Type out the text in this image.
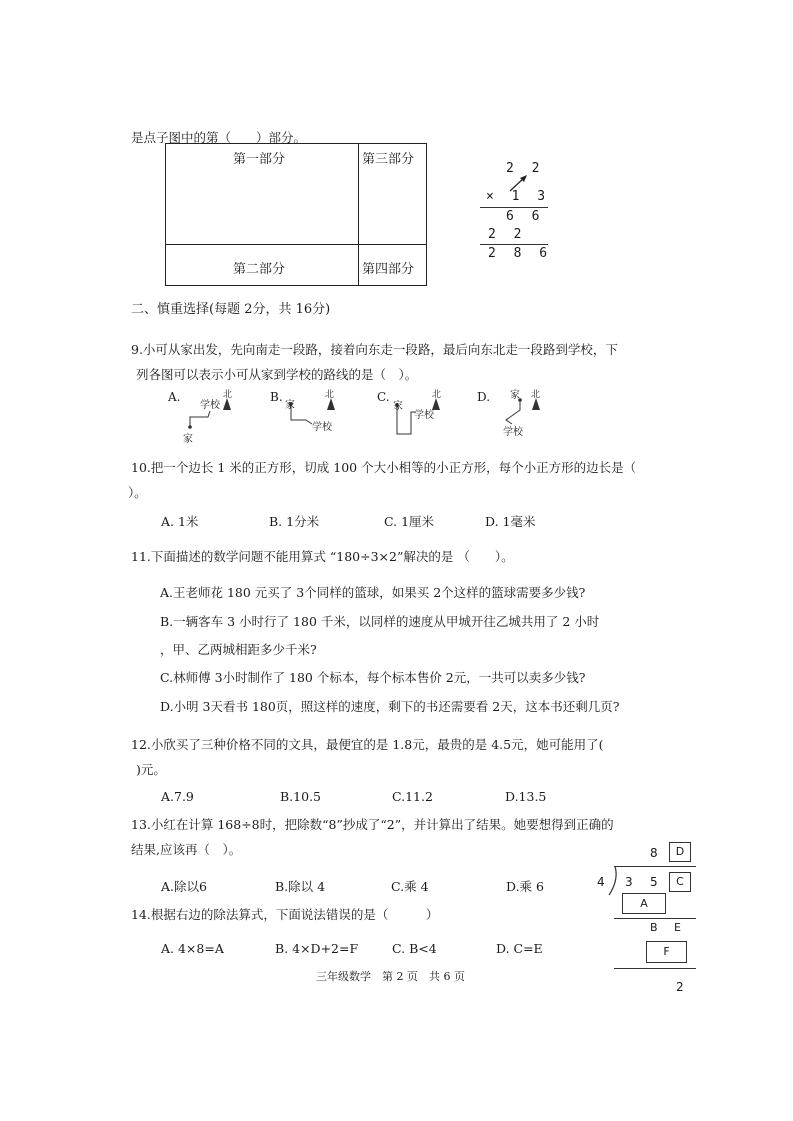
是点子图中的第（　　）部分。
第一部分	第三部分
第二部分	第四部分
2 2
× 1 3
6 6
2 2
2 8 6
二、慎重选择(每题 2分，共 16分)
9.小可从家出发，先向南走一段路，接着向东走一段路，最后向东北走一段路到学校，下
列各图可以表示小可从家到学校的路线的是（　）。
A.
学校
北
家
B.
家
北
学校
C.
家
北
学校
D. 家 北
学校
10.把一个边长 1 米的正方形，切成 100 个大小相等的小正方形，每个小正方形的边长是（
）。
A. 1米	B. 1分米	C. 1厘米	D. 1毫米
11.下面描述的数学问题不能用算式 “180÷3×2”解决的是 （　　）。
A.王老师花 180 元买了 3个同样的篮球，如果买 2个这样的篮球需要多少钱?
B.一辆客车 3 小时行了 180 千米，以同样的速度从甲城开往乙城共用了 2 小时
，甲、乙两城相距多少千米?
C.林师傅 3小时制作了 180 个标本，每个标本售价 2元，一共可以卖多少钱?
D.小明 3天看书 180页，照这样的速度，剩下的书还需要看 2天，这本书还剩几页?
12.小欣买了三种价格不同的文具，最便宜的是 1.8元，最贵的是 4.5元，她可能用了(
)元。
A.7.9	B.10.5	C.11.2	D.13.5
13.小红在计算 168÷8时，把除数“8”抄成了“2”，并计算出了结果。她要想得到正确的
结果,应该再（　）。
A.除以6	B.除以 4	C.乘 4	D.乘 6
14.根据右边的除法算式，下面说法错误的是（　　　）
A. 4×8=A	B. 4×D+2=F	C. B<4	D. C=E
8	D
4 3 5	C
A
B E
F
2
三年级数学　第 2 页　共 6 页
